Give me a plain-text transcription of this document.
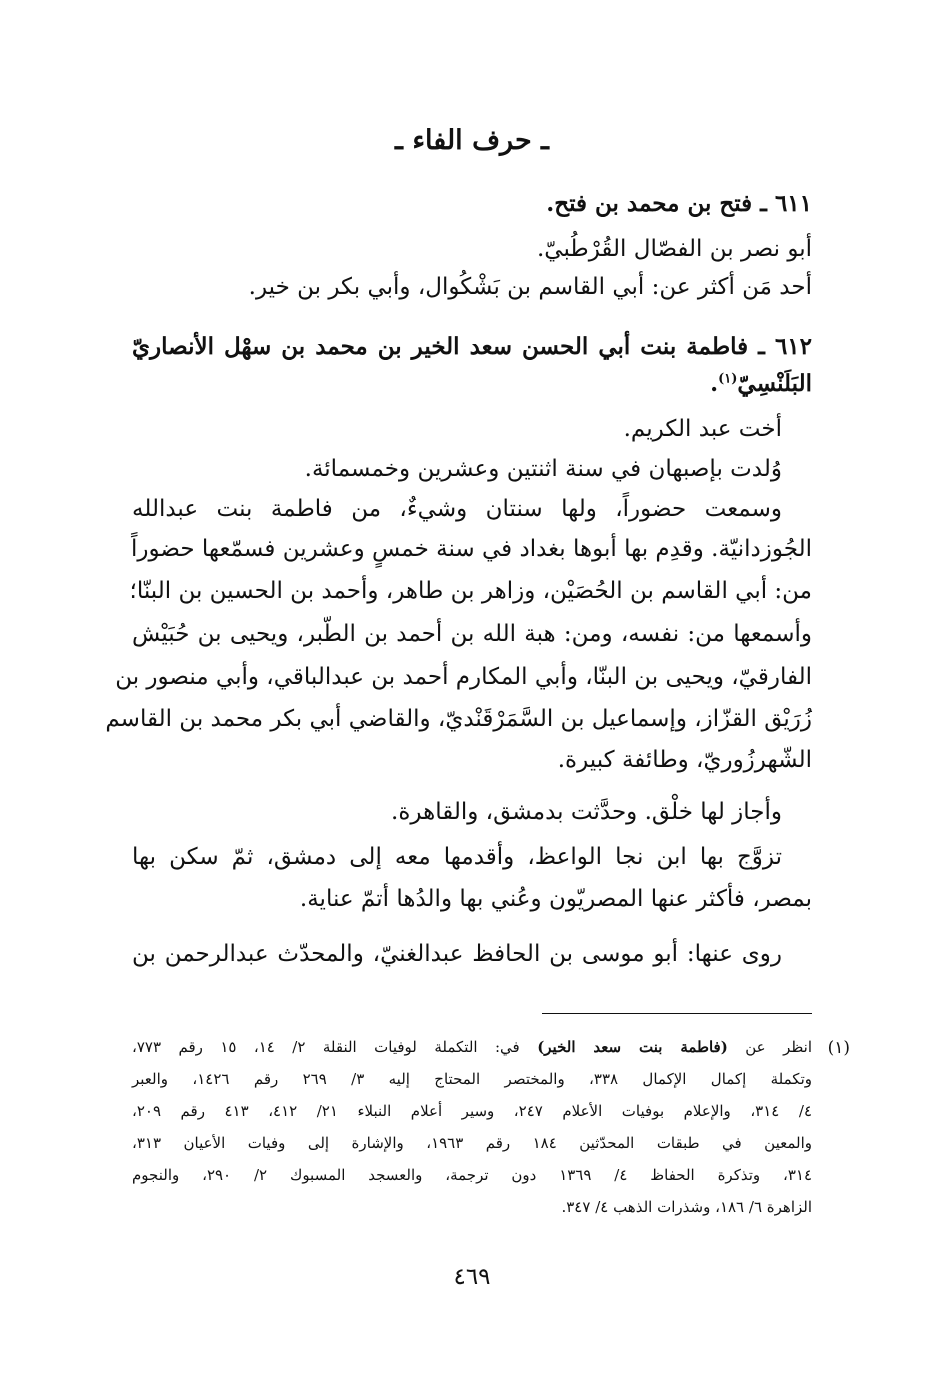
ـ حرف الفاء ـ
٦١١ ـ فتح بن محمد بن فتح.
أبو نصر بن الفصّال القُرْطُبيّ.
أحد مَن أكثر عن: أبي القاسم بن بَشْكُوال، وأبي بكر بن خير.
٦١٢ ـ فاطمة بنت أبي الحسن سعد الخير بن محمد بن سهْل الأنصاريّ
البَلَنْسِيّ$^{(١)}$.
أخت عبد الكريم.
وُلدت بإصبهان في سنة اثنتين وعشرين وخمسمائة.
وسمعت حضوراً، ولها سنتان وشيءٌ، من فاطمة بنت عبدالله
الجُوزدانيّة. وقدِم بها أبوها بغداد في سنة خمسٍ وعشرين فسمّعها حضوراً
من: أبي القاسم بن الحُصَيْن، وزاهر بن طاهر، وأحمد بن الحسين بن البنّا؛
وأسمعها من: نفسه، ومن: هبة الله بن أحمد بن الطّبر، ويحيى بن حُبَيْش
الفارقيّ، ويحيى بن البنّا، وأبي المكارم أحمد بن عبدالباقي، وأبي منصور بن
زُرَيْق القزّاز، وإسماعيل بن السَّمَرْقَنْديّ، والقاضي أبي بكر محمد بن القاسم
الشّهرزُوريّ، وطائفة كبيرة.
وأجاز لها خلْق. وحدَّثت بدمشق، والقاهرة.
تزوَّج بها ابن نجا الواعظ، وأقدمها معه إلى دمشق، ثمّ سكن بها
بمصر، فأكثر عنها المصريّون وعُني بها والدُها أتمّ عناية.
روى عنها: أبو موسى بن الحافظ عبدالغنيّ، والمحدّث عبدالرحمن بن
(١)
انظر عن (فاطمة بنت سعد الخير) في: التكملة لوفيات النقلة ٢/ ١٤، ١٥ رقم ٧٧٣،
وتكملة إكمال الإكمال ٣٣٨، والمختصر المحتاج إليه ٣/ ٢٦٩ رقم ١٤٢٦، والعبر
٤/ ٣١٤، والإعلام بوفيات الأعلام ٢٤٧، وسير أعلام النبلاء ٢١/ ٤١٢، ٤١٣ رقم ٢٠٩،
والمعين في طبقات المحدّثين ١٨٤ رقم ١٩٦٣، والإشارة إلى وفيات الأعيان ٣١٣،
٣١٤، وتذكرة الحفاظ ٤/ ١٣٦٩ دون ترجمة، والعسجد المسبوك ٢/ ٢٩٠، والنجوم
الزاهرة ٦/ ١٨٦، وشذرات الذهب ٤/ ٣٤٧.
٤٦٩
